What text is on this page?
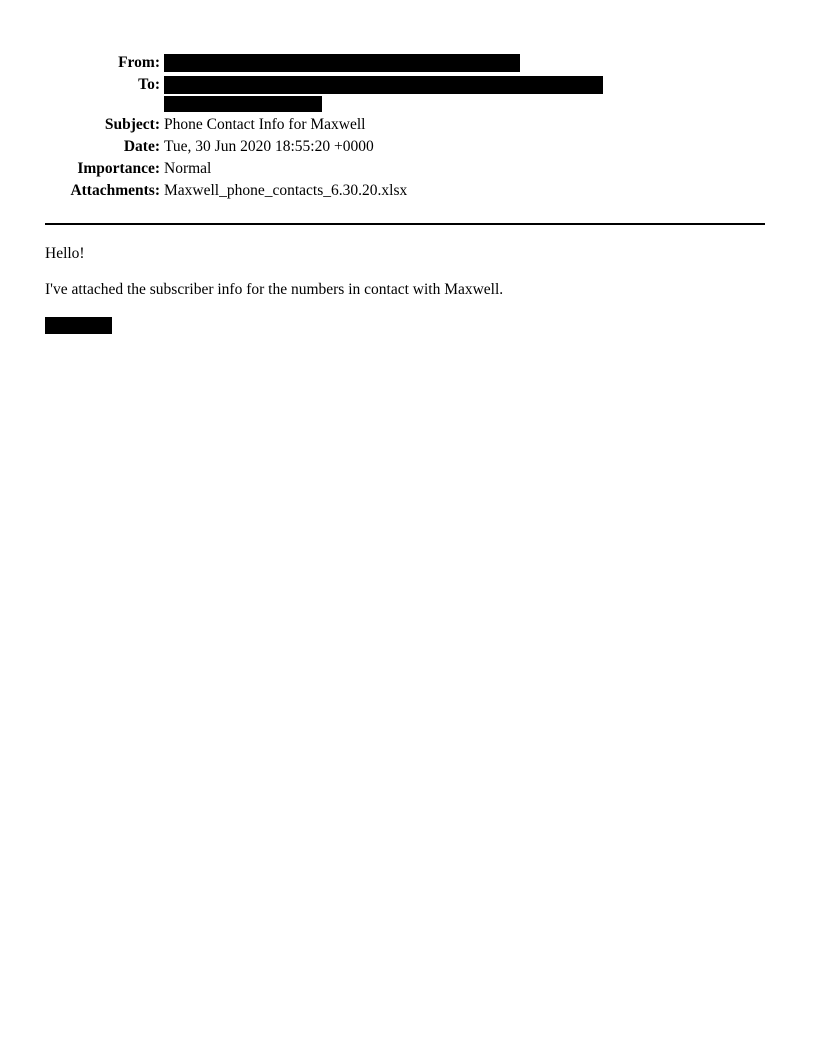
From:	

To:	

Subject:	Phone Contact Info for Maxwell
Date:	Tue, 30 Jun 2020 18:55:20 +0000
Importance:	Normal
Attachments:	Maxwell_phone_contacts_6.30.20.xlsx
Hello!
I've attached the subscriber info for the numbers in contact with Maxwell.
